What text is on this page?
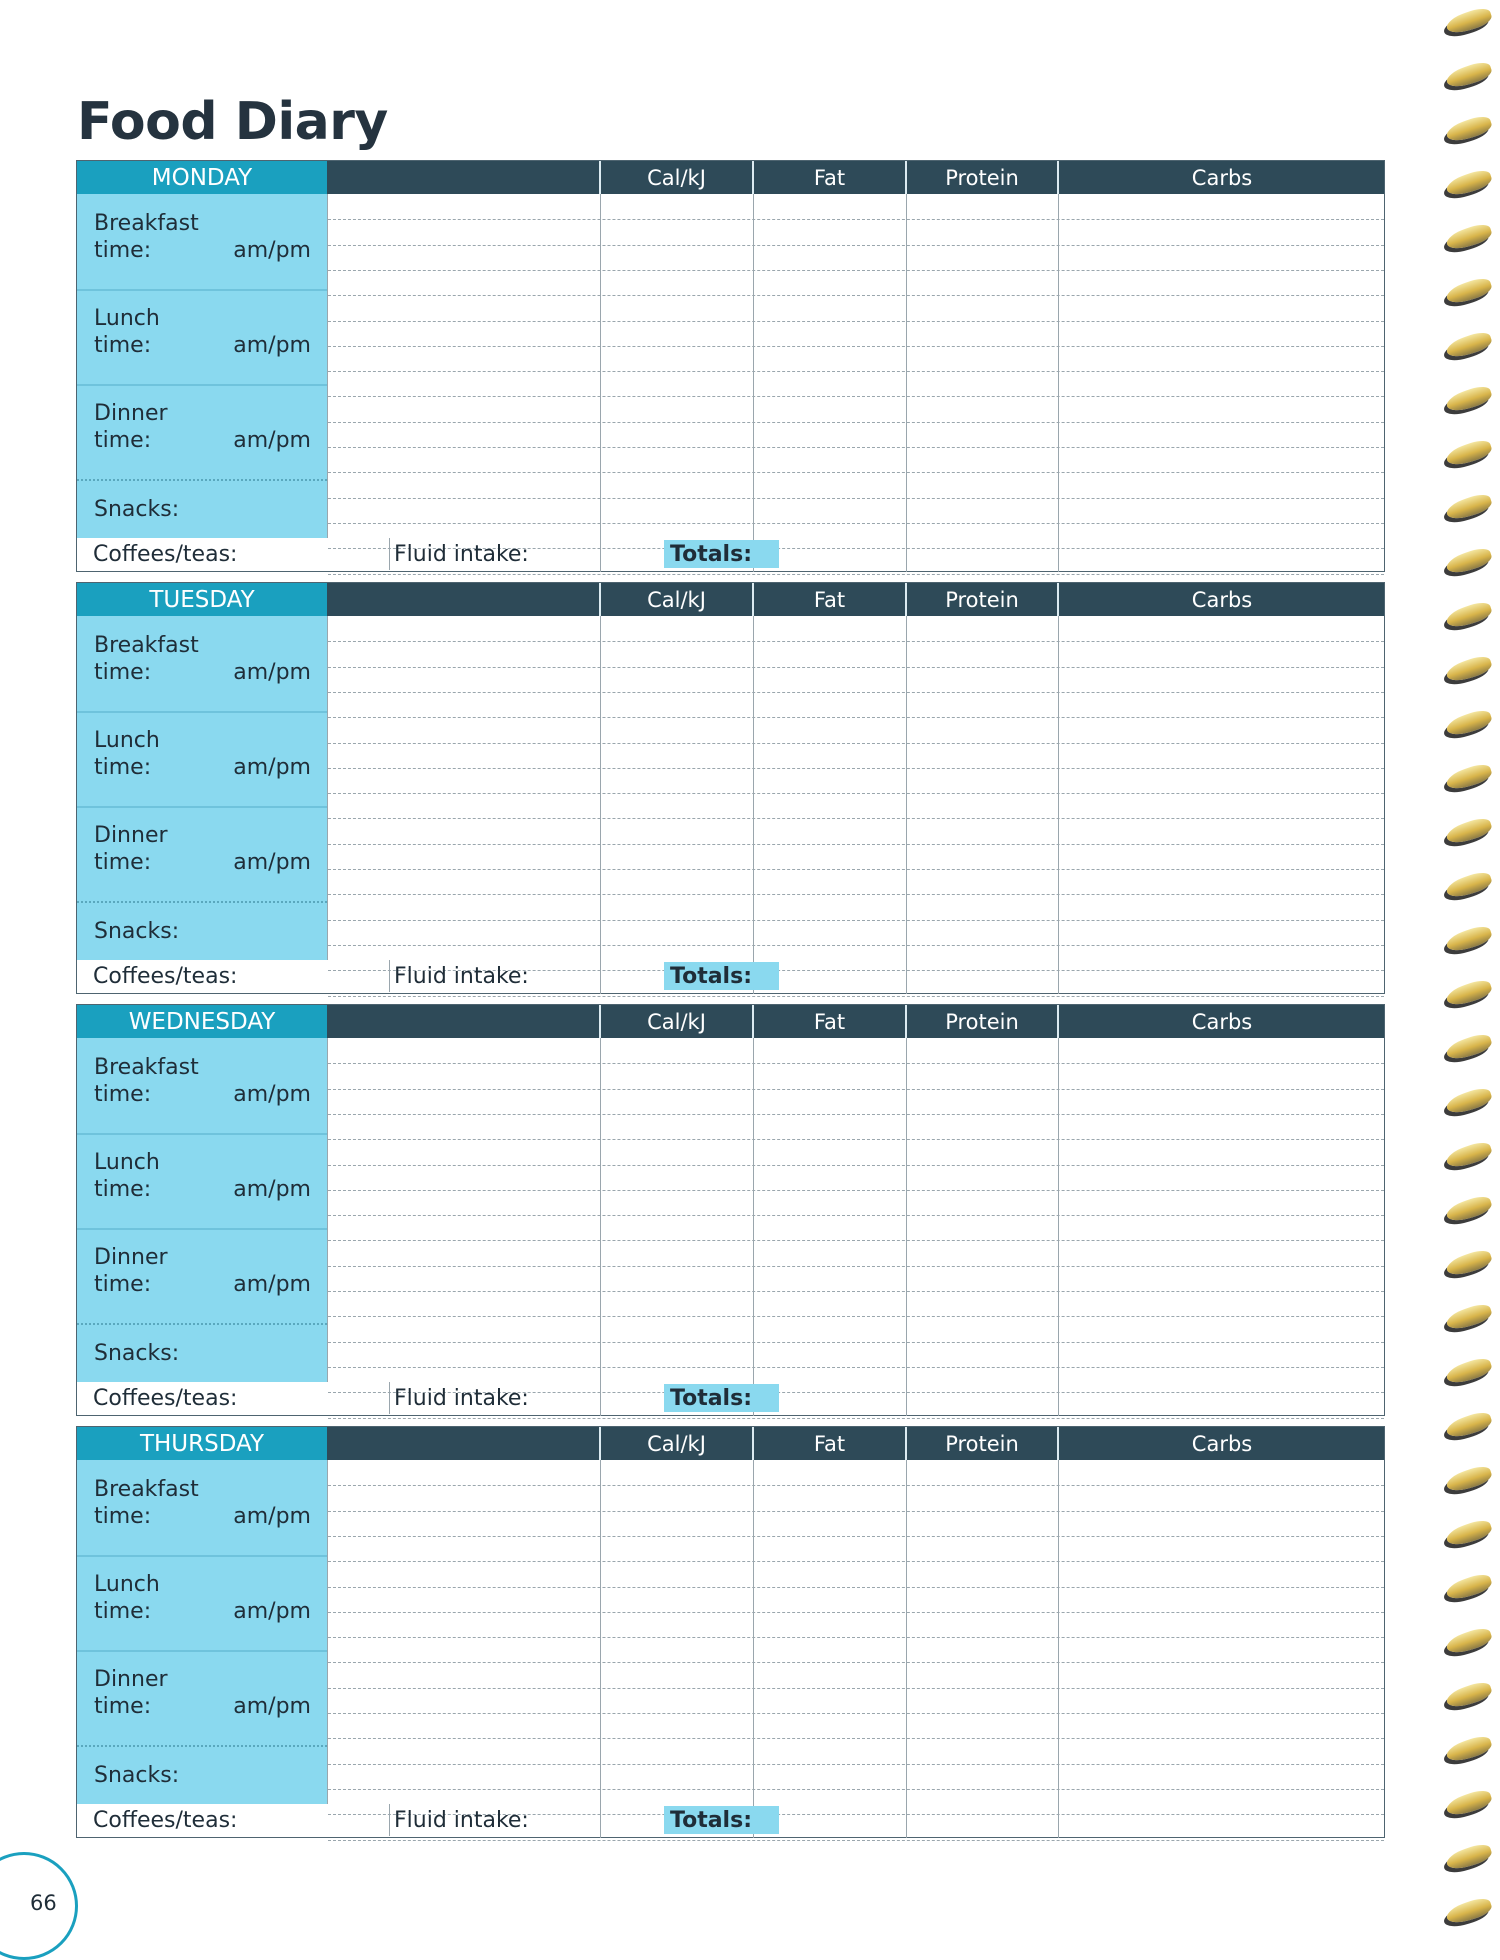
Food Diary
MONDAY	Cal/kJ	Fat	Protein	Carbs
Breakfast
time:	am/pm
Lunch
time:	am/pm
Dinner
time:	am/pm
Snacks:
Coffees/teas:	Fluid intake:	Totals:
TUESDAY	Cal/kJ	Fat	Protein	Carbs
Breakfast
time:	am/pm
Lunch
time:	am/pm
Dinner
time:	am/pm
Snacks:
Coffees/teas:	Fluid intake:	Totals:
WEDNESDAY	Cal/kJ	Fat	Protein	Carbs
Breakfast
time:	am/pm
Lunch
time:	am/pm
Dinner
time:	am/pm
Snacks:
Coffees/teas:	Fluid intake:	Totals:
THURSDAY	Cal/kJ	Fat	Protein	Carbs
Breakfast
time:	am/pm
Lunch
time:	am/pm
Dinner
time:	am/pm
Snacks:
Coffees/teas:	Fluid intake:	Totals:
66
